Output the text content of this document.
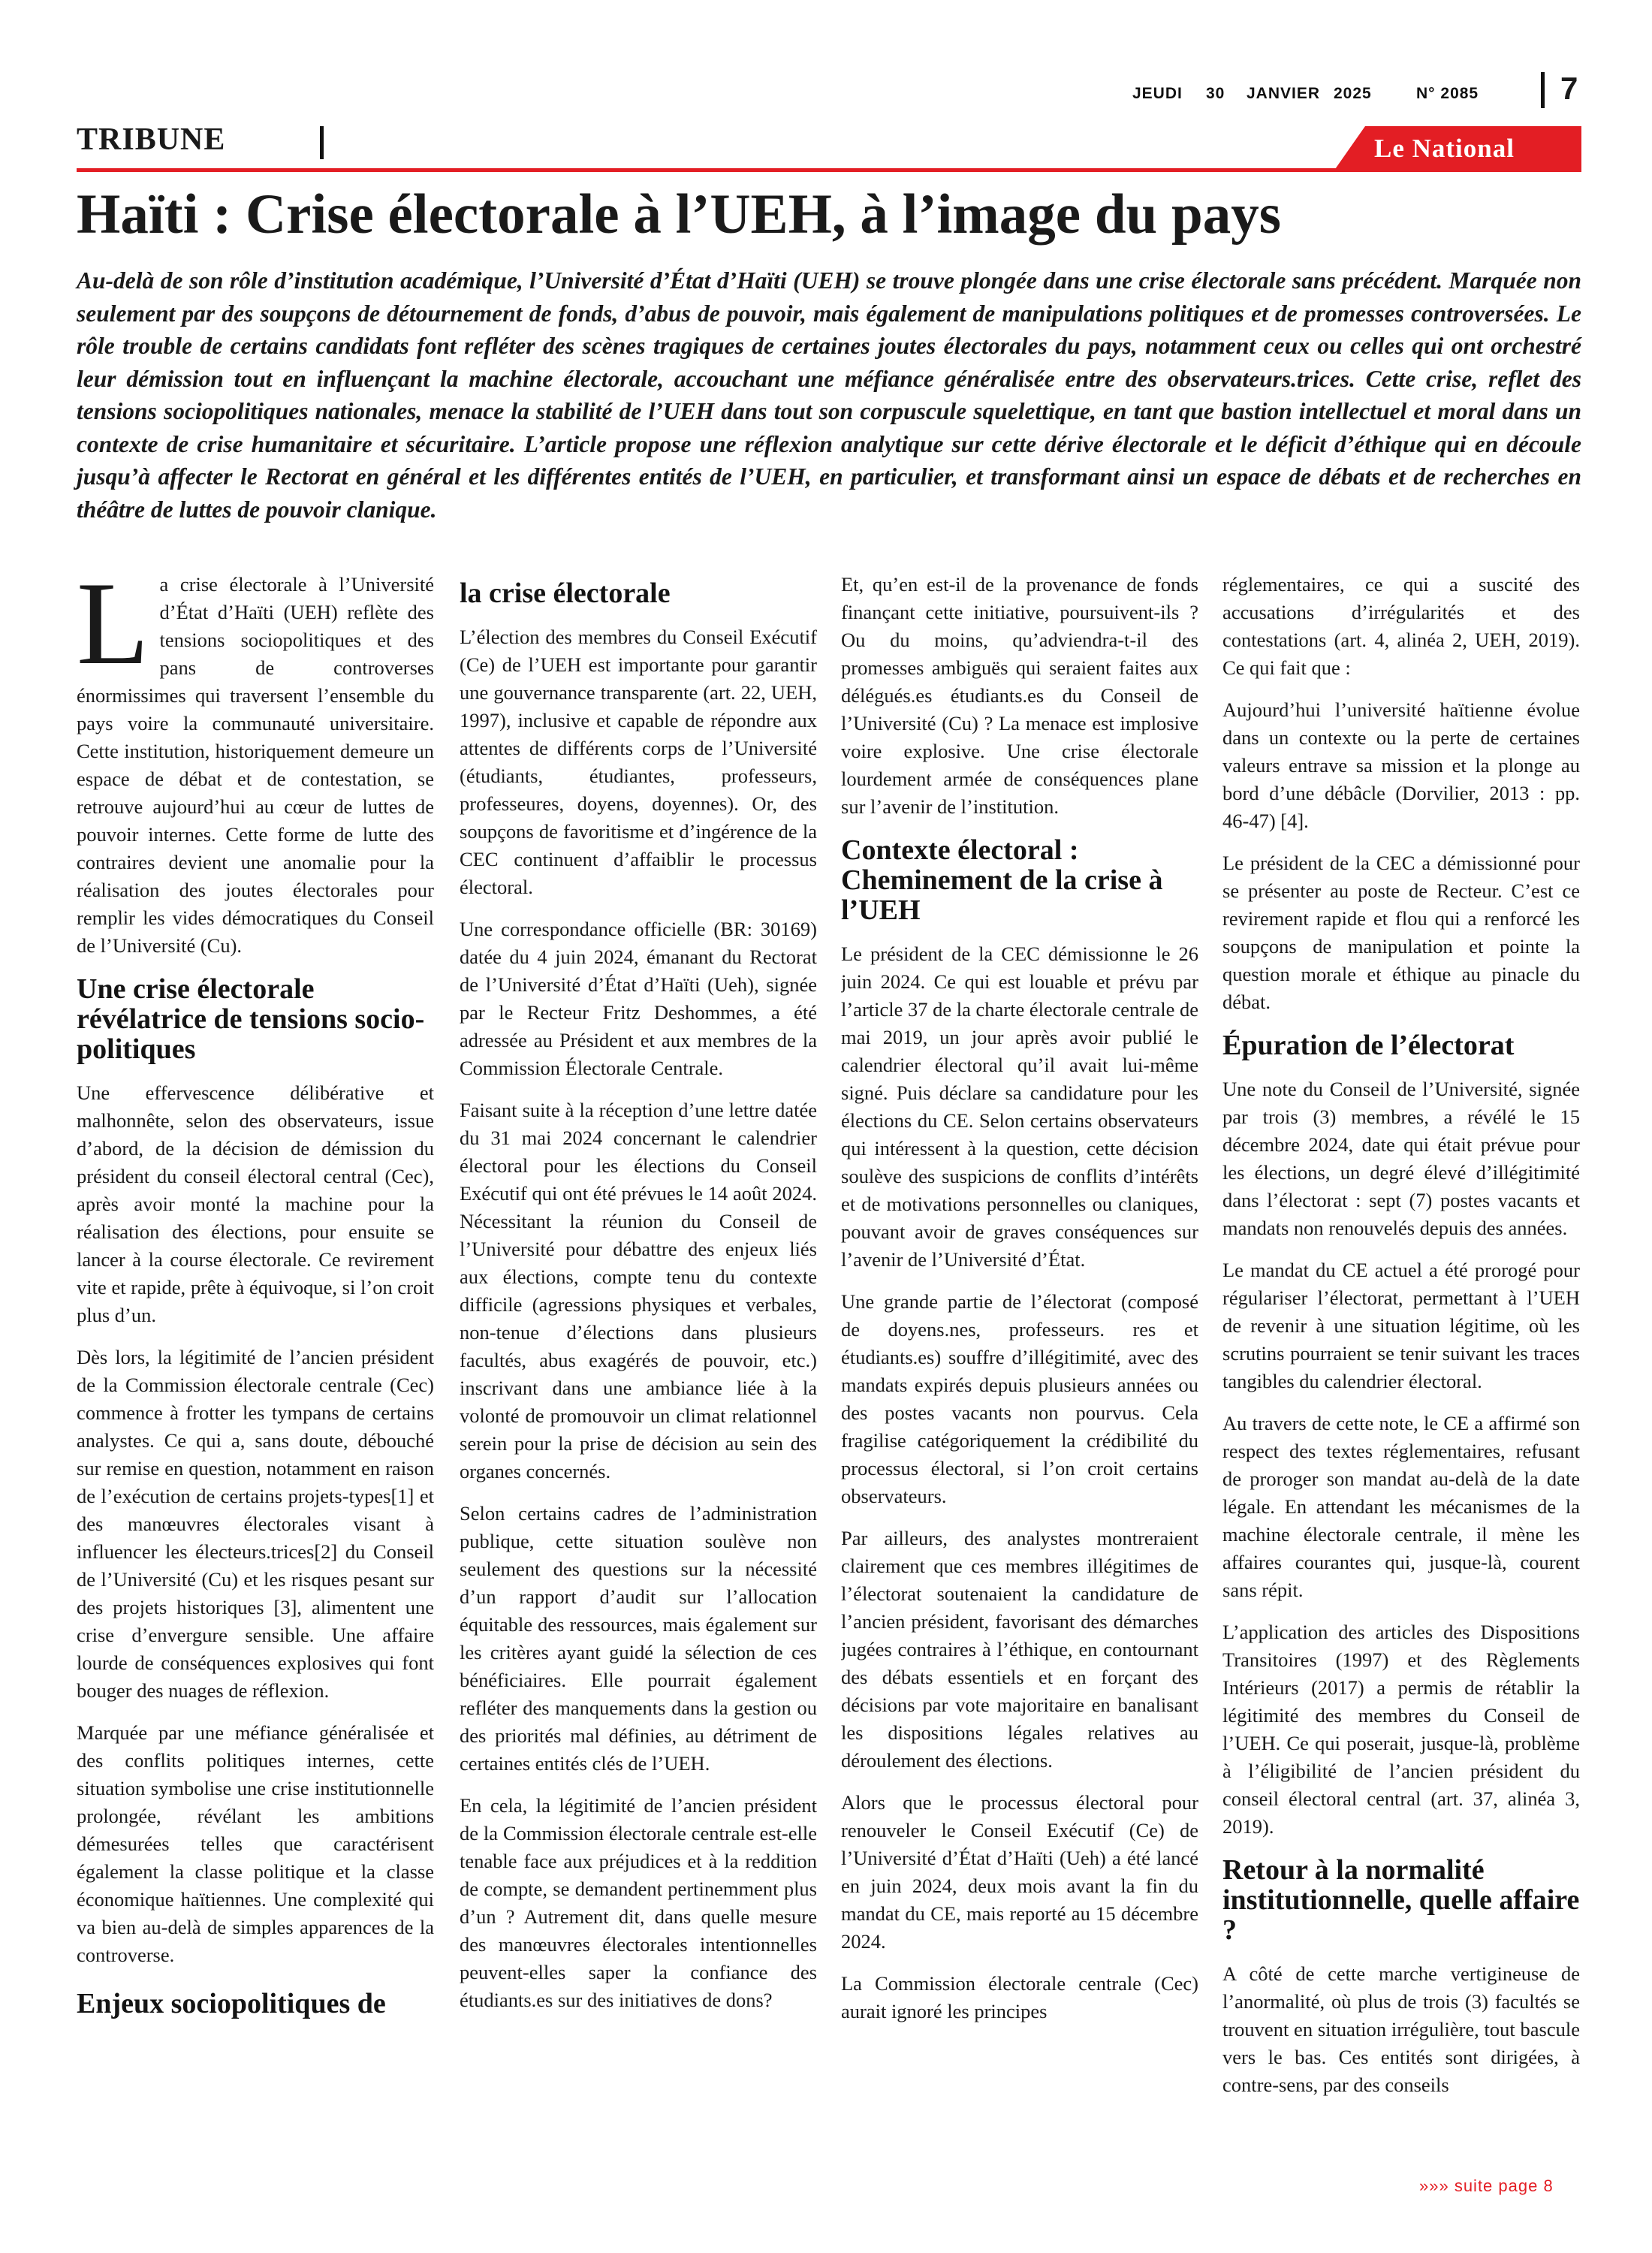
JEUDI 30 JANVIER 2025	N° 2085	7
TRIBUNE	Le National
Haïti : Crise électorale à l’UEH, à l’image du pays
Au-delà de son rôle d’institution académique, l’Université d’État d’Haïti (UEH) se trouve plongée dans une crise électorale sans précédent. Marquée non seulement par des soupçons de détournement de fonds, d’abus de pouvoir, mais également de manipulations politiques et de promesses controversées. Le rôle trouble de certains candidats font refléter des scènes tragiques de certaines joutes électorales du pays, notamment ceux ou celles qui ont orchestré leur démission tout en influençant la machine électorale, accouchant une méfiance généralisée entre des observateurs.trices. Cette crise, reflet des tensions sociopolitiques nationales, menace la stabilité de l’UEH dans tout son corpuscule squelettique, en tant que bastion intellectuel et moral dans un contexte de crise humanitaire et sécuritaire. L’article propose une réflexion analytique sur cette dérive électorale et le déficit d’éthique qui en découle jusqu’à affecter le Rectorat en général et les différentes entités de l’UEH, en particulier, et transformant ainsi un espace de débats et de recherches en théâtre de luttes de pouvoir clanique.

La crise électorale à l’Université d’État d’Haïti (UEH) reflète des tensions sociopolitiques et des pans de controverses énormissimes qui traversent l’ensemble du pays voire la communauté universitaire. Cette institution, historiquement demeure un espace de débat et de contestation, se retrouve aujourd’hui au cœur de luttes de pouvoir internes. Cette forme de lutte des contraires devient une anomalie pour la réalisation des joutes électorales pour remplir les vides démocratiques du Conseil de l’Université (Cu).

Une crise électorale révélatrice de tensions socio-politiques

Une effervescence délibérative et malhonnête, selon des observateurs, issue d’abord, de la décision de démission du président du conseil électoral central (Cec), après avoir monté la machine pour la réalisation des élections, pour ensuite se lancer à la course électorale. Ce revirement vite et rapide, prête à équivoque, si l’on croit plus d’un.

Dès lors, la légitimité de l’ancien président de la Commission électorale centrale (Cec) commence à frotter les tympans de certains analystes. Ce qui a, sans doute, débouché sur remise en question, notamment en raison de l’exécution de certains projets-types[1] et des manœuvres électorales visant à influencer les électeurs.trices[2] du Conseil de l’Université (Cu) et les risques pesant sur des projets historiques [3], alimentent une crise d’envergure sensible. Une affaire lourde de conséquences explosives qui font bouger des nuages de réflexion.

Marquée par une méfiance généralisée et des conflits politiques internes, cette situation symbolise une crise institutionnelle prolongée, révélant les ambitions démesurées telles que caractérisent également la classe politique et la classe économique haïtiennes. Une complexité qui va bien au-delà de simples apparences de la controverse.

Enjeux sociopolitiques de
la crise électorale

L’élection des membres du Conseil Exécutif (Ce) de l’UEH est importante pour garantir une gouvernance transparente (art. 22, UEH, 1997), inclusive et capable de répondre aux attentes de différents corps de l’Université (étudiants, étudiantes, professeurs, professeures, doyens, doyennes). Or, des soupçons de favoritisme et d’ingérence de la CEC continuent d’affaiblir le processus électoral.

Une correspondance officielle (BR: 30169) datée du 4 juin 2024, émanant du Rectorat de l’Université d’État d’Haïti (Ueh), signée par le Recteur Fritz Deshommes, a été adressée au Président et aux membres de la Commission Électorale Centrale.

Faisant suite à la réception d’une lettre datée du 31 mai 2024 concernant le calendrier électoral pour les élections du Conseil Exécutif qui ont été prévues le 14 août 2024. Nécessitant la réunion du Conseil de l’Université pour débattre des enjeux liés aux élections, compte tenu du contexte difficile (agressions physiques et verbales, non-tenue d’élections dans plusieurs facultés, abus exagérés de pouvoir, etc.) inscrivant dans une ambiance liée à la volonté de promouvoir un climat relationnel serein pour la prise de décision au sein des organes concernés.

Selon certains cadres de l’administration publique, cette situation soulève non seulement des questions sur la nécessité d’un rapport d’audit sur l’allocation équitable des ressources, mais également sur les critères ayant guidé la sélection de ces bénéficiaires. Elle pourrait également refléter des manquements dans la gestion ou des priorités mal définies, au détriment de certaines entités clés de l’UEH.

En cela, la légitimité de l’ancien président de la Commission électorale centrale est-elle tenable face aux préjudices et à la reddition de compte, se demandent pertinemment plus d’un ? Autrement dit, dans quelle mesure des manœuvres électorales intentionnelles peuvent-elles saper la confiance des étudiants.es sur des initiatives de dons?

Et, qu’en est-il de la provenance de fonds finançant cette initiative, poursuivent-ils ? Ou du moins, qu’adviendra-t-il des promesses ambiguës qui seraient faites aux délégués.es étudiants.es du Conseil de l’Université (Cu) ? La menace est implosive voire explosive. Une crise électorale lourdement armée de conséquences plane sur l’avenir de l’institution.

Contexte électoral : Cheminement de la crise à l’UEH

Le président de la CEC démissionne le 26 juin 2024. Ce qui est louable et prévu par l’article 37 de la charte électorale centrale de mai 2019, un jour après avoir publié le calendrier électoral qu’il avait lui-même signé. Puis déclare sa candidature pour les élections du CE. Selon certains observateurs qui intéressent à la question, cette décision soulève des suspicions de conflits d’intérêts et de motivations personnelles ou claniques, pouvant avoir de graves conséquences sur l’avenir de l’Université d’État.

Une grande partie de l’électorat (composé de doyens.nes, professeurs. res et étudiants.es) souffre d’illégitimité, avec des mandats expirés depuis plusieurs années ou des postes vacants non pourvus. Cela fragilise catégoriquement la crédibilité du processus électoral, si l’on croit certains observateurs.

Par ailleurs, des analystes montreraient clairement que ces membres illégitimes de l’électorat soutenaient la candidature de l’ancien président, favorisant des démarches jugées contraires à l’éthique, en contournant des débats essentiels et en forçant des décisions par vote majoritaire en banalisant les dispositions légales relatives au déroulement des élections.

Alors que le processus électoral pour renouveler le Conseil Exécutif (Ce) de l’Université d’État d’Haïti (Ueh) a été lancé en juin 2024, deux mois avant la fin du mandat du CE, mais reporté au 15 décembre 2024.

La Commission électorale centrale (Cec) aurait ignoré les principes

réglementaires, ce qui a suscité des accusations d’irrégularités et des contestations (art. 4, alinéa 2, UEH, 2019). Ce qui fait que :

Aujourd’hui l’université haïtienne évolue dans un contexte ou la perte de certaines valeurs entrave sa mission et la plonge au bord d’une débâcle (Dorvilier, 2013 : pp. 46-47) [4].

Le président de la CEC a démissionné pour se présenter au poste de Recteur. C’est ce revirement rapide et flou qui a renforcé les soupçons de manipulation et pointe la question morale et éthique au pinacle du débat.

Épuration de l’électorat

Une note du Conseil de l’Université, signée par trois (3) membres, a révélé le 15 décembre 2024, date qui était prévue pour les élections, un degré élevé d’illégitimité dans l’électorat : sept (7) postes vacants et mandats non renouvelés depuis des années.

Le mandat du CE actuel a été prorogé pour régulariser l’électorat, permettant à l’UEH de revenir à une situation légitime, où les scrutins pourraient se tenir suivant les traces tangibles du calendrier électoral.

Au travers de cette note, le CE a affirmé son respect des textes réglementaires, refusant de proroger son mandat au-delà de la date légale. En attendant les mécanismes de la machine électorale centrale, il mène les affaires courantes qui, jusque-là, courent sans répit.

L’application des articles des Dispositions Transitoires (1997) et des Règlements Intérieurs (2017) a permis de rétablir la légitimité des membres du Conseil de l’UEH. Ce qui poserait, jusque-là, problème à l’éligibilité de l’ancien président du conseil électoral central (art. 37, alinéa 3, 2019).

Retour à la normalité institutionnelle, quelle affaire ?

A côté de cette marche vertigineuse de l’anormalité, où plus de trois (3) facultés se trouvent en situation irrégulière, tout bascule vers le bas. Ces entités sont dirigées, à contre-sens, par des conseils

»»» suite page 8
